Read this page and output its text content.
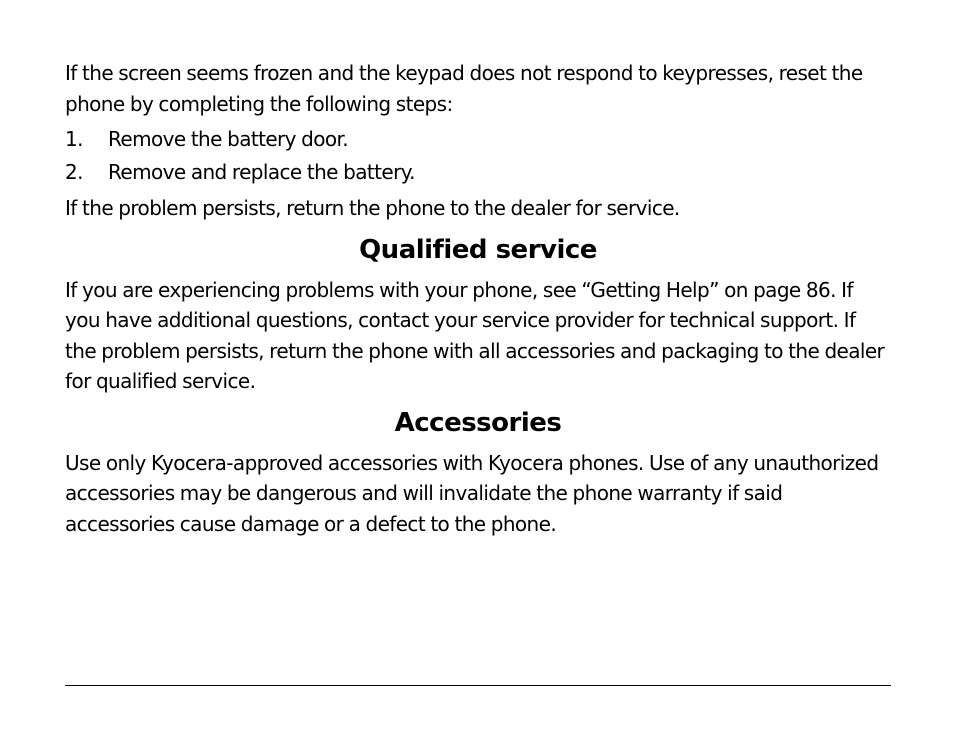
If the screen seems frozen and the keypad does not respond to keypresses, reset the phone by completing the following steps:

1.	Remove the battery door.
2.	Remove and replace the battery.

If the problem persists, return the phone to the dealer for service.

Qualified service

If you are experiencing problems with your phone, see “Getting Help” on page 86. If you have additional questions, contact your service provider for technical support. If the problem persists, return the phone with all accessories and packaging to the dealer for qualified service.

Accessories

Use only Kyocera-approved accessories with Kyocera phones. Use of any unauthorized accessories may be dangerous and will invalidate the phone warranty if said accessories cause damage or a defect to the phone.
